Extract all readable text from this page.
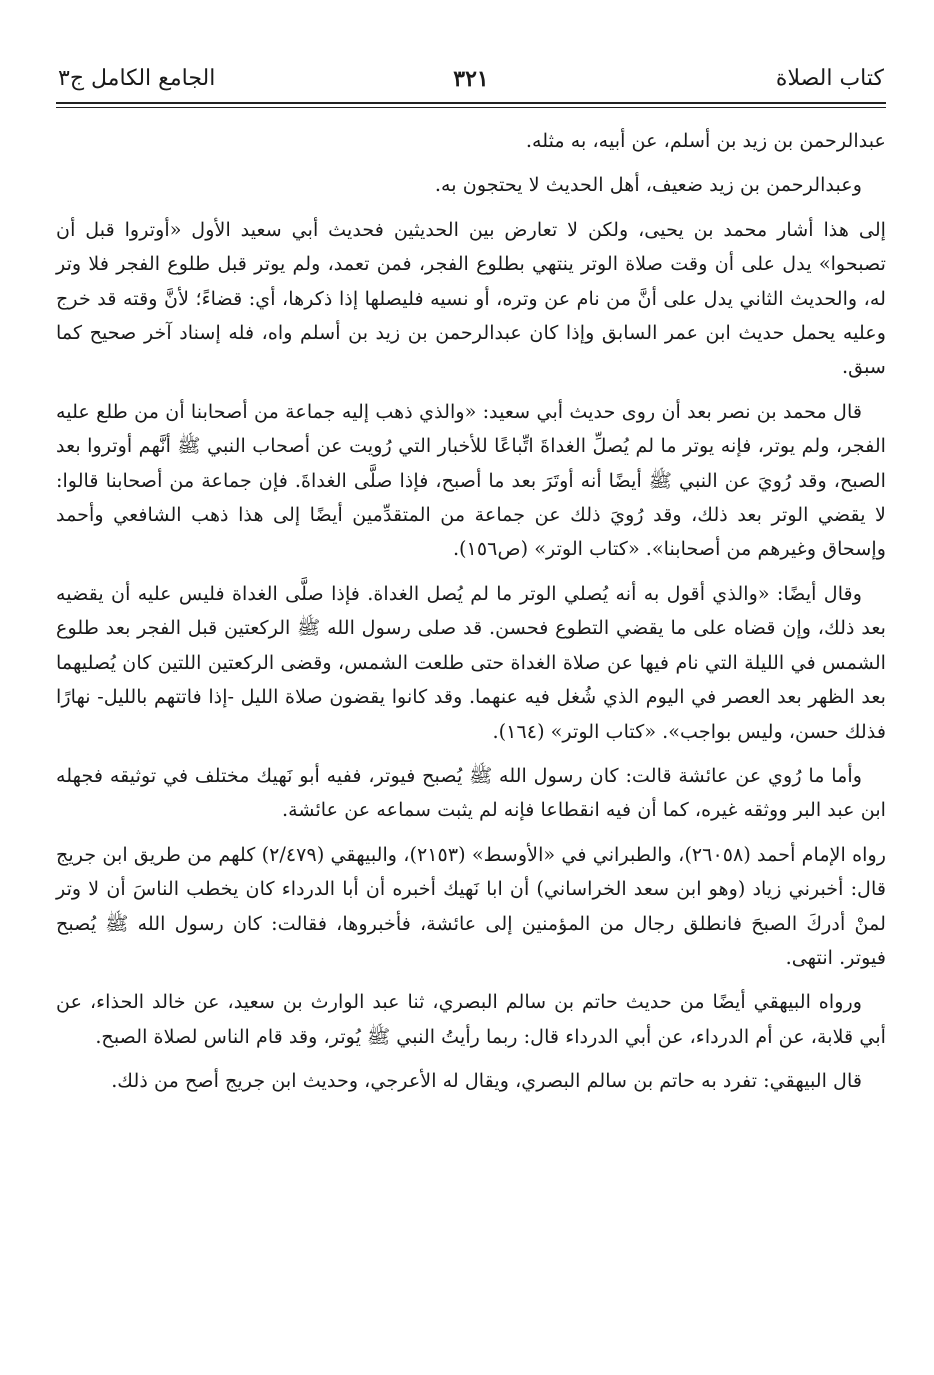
كتاب الصلاة
٣٢١
الجامع الكامل ج٣

عبدالرحمن بن زيد بن أسلم، عن أبيه، به مثله.

وعبدالرحمن بن زيد ضعيف، أهل الحديث لا يحتجون به.

إلى هذا أشار محمد بن يحيى، ولكن لا تعارض بين الحديثين فحديث أبي سعيد الأول «أوتروا قبل أن تصبحوا» يدل على أن وقت صلاة الوتر ينتهي بطلوع الفجر، فمن تعمد، ولم يوتر قبل طلوع الفجر فلا وتر له، والحديث الثاني يدل على أنَّ من نام عن وتره، أو نسيه فليصلها إذا ذكرها، أي: قضاءً؛ لأنَّ وقته قد خرج وعليه يحمل حديث ابن عمر السابق وإذا كان عبدالرحمن بن زيد بن أسلم واه، فله إسناد آخر صحيح كما سبق.

قال محمد بن نصر بعد أن روى حديث أبي سعيد: «والذي ذهب إليه جماعة من أصحابنا أن من طلع عليه الفجر، ولم يوتر، فإنه يوتر ما لم يُصلِّ الغداةَ اتِّباعًا للأخبار التي رُويت عن أصحاب النبي ﷺ أنَّهم أوتروا بعد الصبح، وقد رُويَ عن النبي ﷺ أيضًا أنه أوتَرَ بعد ما أصبح، فإذا صلَّى الغداةَ. فإن جماعة من أصحابنا قالوا: لا يقضي الوتر بعد ذلك، وقد رُويَ ذلك عن جماعة من المتقدِّمين أيضًا إلى هذا ذهب الشافعي وأحمد وإسحاق وغيرهم من أصحابنا». «كتاب الوتر» (ص١٥٦).

وقال أيضًا: «والذي أقول به أنه يُصلي الوتر ما لم يُصل الغداة. فإذا صلَّى الغداة فليس عليه أن يقضيه بعد ذلك، وإن قضاه على ما يقضي التطوع فحسن. قد صلى رسول الله ﷺ الركعتين قبل الفجر بعد طلوع الشمس في الليلة التي نام فيها عن صلاة الغداة حتى طلعت الشمس، وقضى الركعتين اللتين كان يُصليهما بعد الظهر بعد العصر في اليوم الذي شُغل فيه عنهما. وقد كانوا يقضون صلاة الليل -إذا فاتتهم بالليل- نهارًا فذلك حسن، وليس بواجب». «كتاب الوتر» (١٦٤).

وأما ما رُوي عن عائشة قالت: كان رسول الله ﷺ يُصبح فيوتر، ففيه أبو نَهيك مختلف في توثيقه فجهله ابن عبد البر ووثقه غيره، كما أن فيه انقطاعا فإنه لم يثبت سماعه عن عائشة.

رواه الإمام أحمد (٢٦٠٥٨)، والطبراني في «الأوسط» (٢١٥٣)، والبيهقي (٢/٤٧٩) كلهم من طريق ابن جريج قال: أخبرني زياد (وهو ابن سعد الخراساني) أن ابا نَهيك أخبره أن أبا الدرداء كان يخطب الناسَ أن لا وتر لمنْ أدركَ الصبحَ فانطلق رجال من المؤمنين إلى عائشة، فأخبروها، فقالت: كان رسول الله ﷺ يُصبح فيوتر. انتهى.

ورواه البيهقي أيضًا من حديث حاتم بن سالم البصري، ثنا عبد الوارث بن سعيد، عن خالد الحذاء، عن أبي قلابة، عن أم الدرداء، عن أبي الدرداء قال: ربما رأيتُ النبي ﷺ يُوتر، وقد قام الناس لصلاة الصبح.

قال البيهقي: تفرد به حاتم بن سالم البصري، ويقال له الأعرجي، وحديث ابن جريج أصح من ذلك.
